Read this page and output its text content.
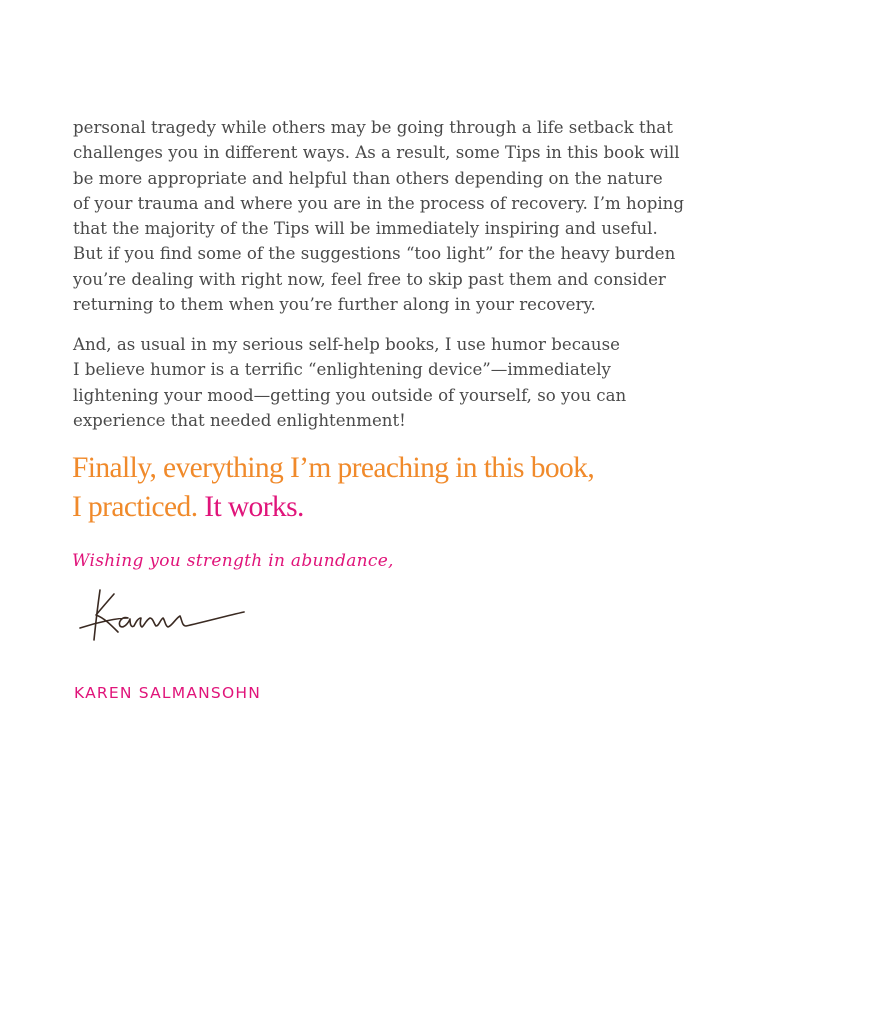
personal tragedy while others may be going through a life setback that
challenges you in different ways. As a result, some Tips in this book will
be more appropriate and helpful than others depending on the nature
of your trauma and where you are in the process of recovery. I’m hoping
that the majority of the Tips will be immediately inspiring and useful.
But if you find some of the suggestions “too light” for the heavy burden
you’re dealing with right now, feel free to skip past them and consider
returning to them when you’re further along in your recovery.

And, as usual in my serious self-help books, I use humor because
I believe humor is a terrific “enlightening device”—immediately
lightening your mood—getting you outside of yourself, so you can
experience that needed enlightenment!

Finally, everything I’m preaching in this book,
I practiced. It works.

Wishing you strength in abundance,

KAREN SALMANSOHN
